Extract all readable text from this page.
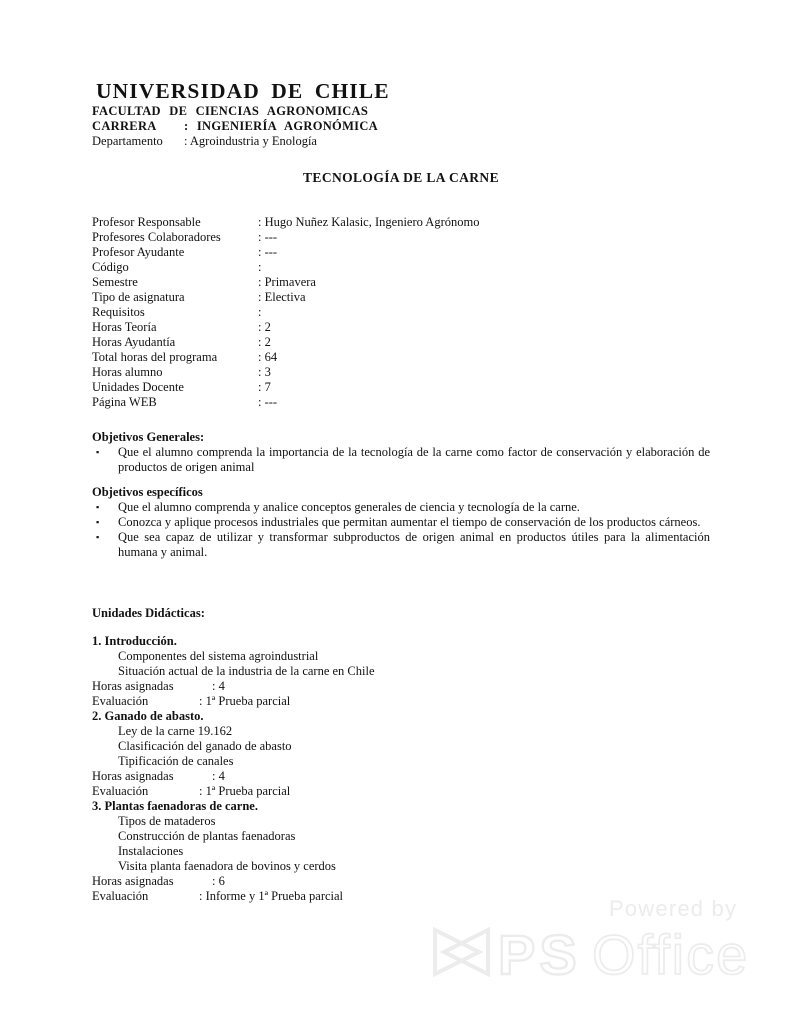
UNIVERSIDAD DE CHILE
FACULTAD DE CIENCIAS AGRONOMICAS
CARRERA	: INGENIERÍA AGRONÓMICA
Departamento	: Agroindustria y Enología
TECNOLOGÍA DE LA CARNE
Profesor Responsable	: Hugo Nuñez Kalasic, Ingeniero Agrónomo
Profesores Colaboradores	: ---
Profesor Ayudante	: ---
Código	:
Semestre	: Primavera
Tipo de asignatura	: Electiva
Requisitos	:
Horas Teoría	: 2
Horas Ayudantía	: 2
Total horas del programa	: 64
Horas alumno	: 3
Unidades Docente	: 7
Página WEB	: ---
Objetivos Generales:
▪	Que el alumno comprenda la importancia de la tecnología de la carne como factor de conservación y elaboración de productos de origen animal
Objetivos específicos
▪	Que el alumno comprenda y analice conceptos generales de ciencia y tecnología de la carne.
▪	Conozca y aplique procesos industriales que permitan aumentar el tiempo de conservación de los productos cárneos.
▪	Que sea capaz de utilizar y transformar subproductos de origen animal en productos útiles para la alimentación humana y animal.
Unidades Didácticas:
1. Introducción.
Componentes del sistema agroindustrial
Situación actual de la industria de la carne en Chile
Horas asignadas	: 4
Evaluación	: 1ª Prueba parcial
2. Ganado de abasto.
Ley de la carne 19.162
Clasificación del ganado de abasto
Tipificación de canales
Horas asignadas	: 4
Evaluación	: 1ª Prueba parcial
3. Plantas faenadoras de carne.
Tipos de mataderos
Construcción de plantas faenadoras
Instalaciones
Visita planta faenadora de bovinos y cerdos
Horas asignadas	: 6
Evaluación	: Informe y 1ª Prueba parcial	Powered by
PS Office
